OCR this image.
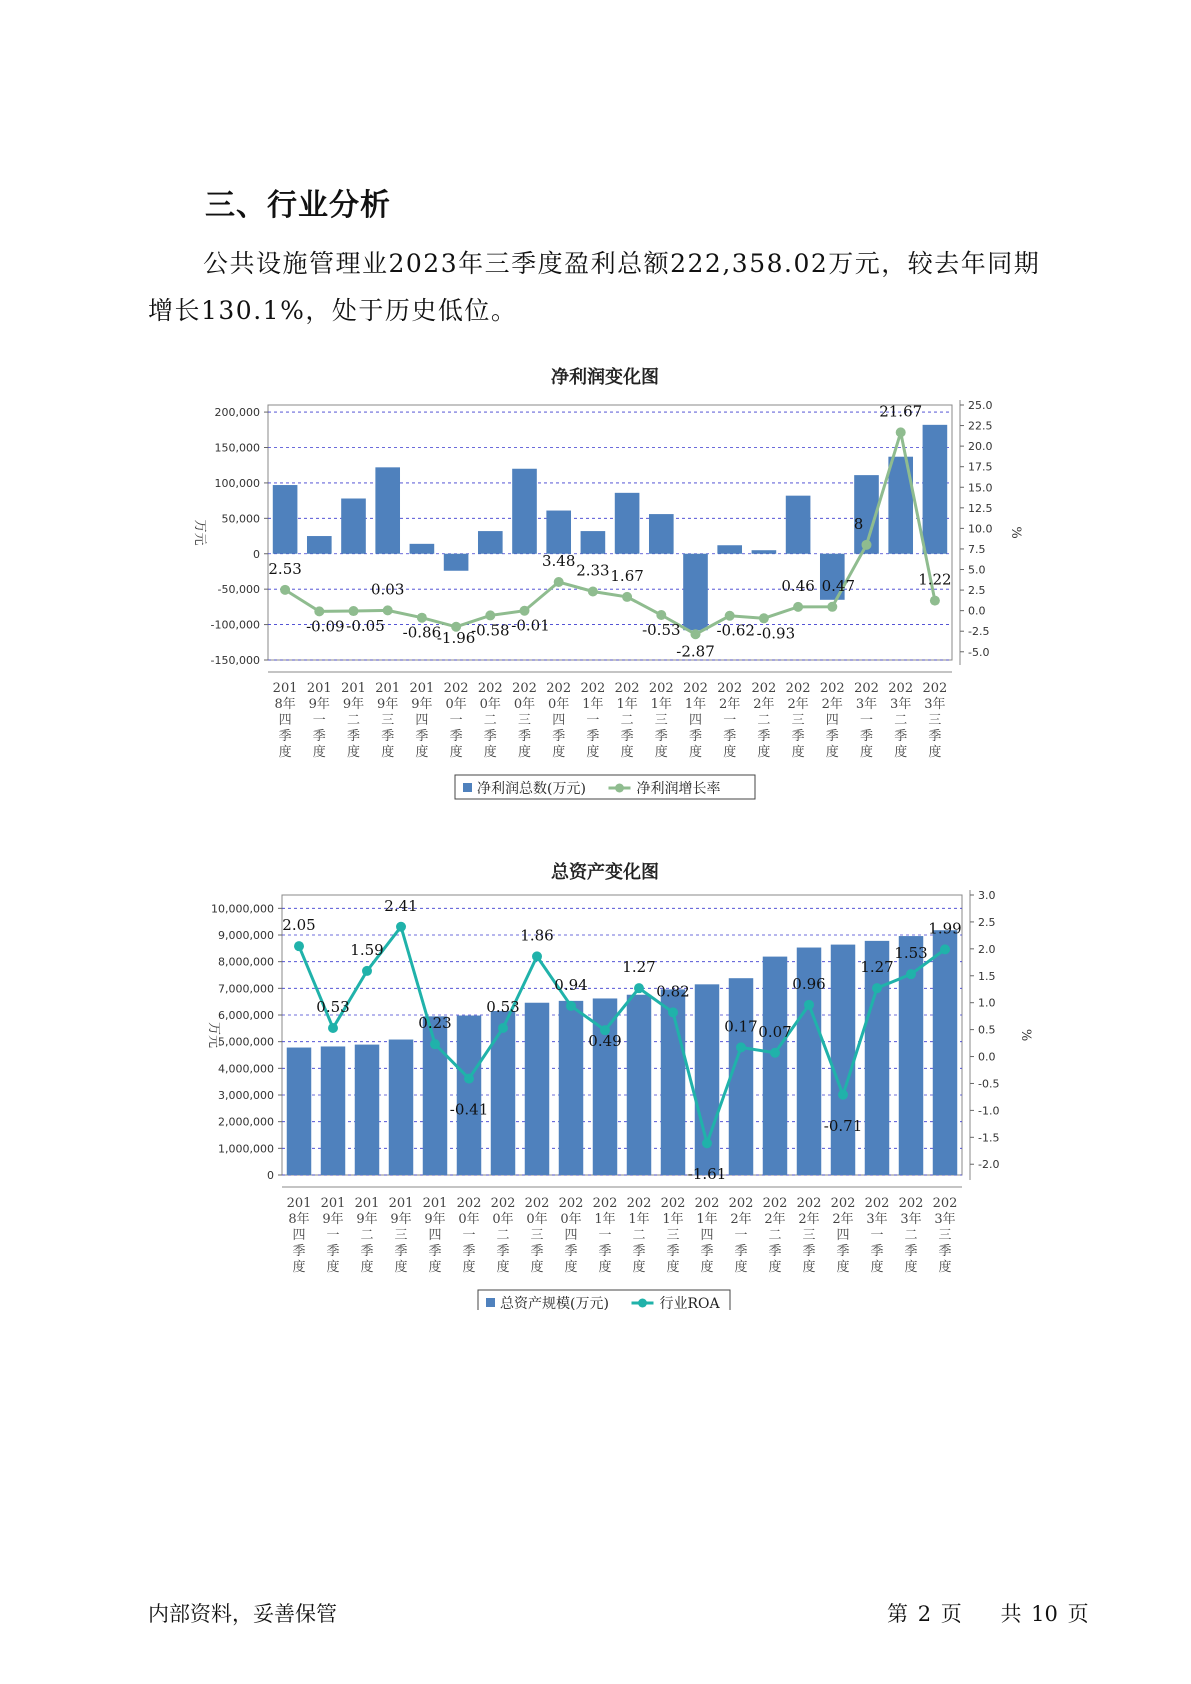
三、行业分析
公共设施管理业2023年三季度盈利总额222,358.02万元，较去年同期增长130.1%，处于历史低位。
净利润变化图
200,000
150,000
100,000
50,000
0
-50,000
-100,000
-150,000
25.0
22.5
20.0
17.5
15.0
12.5
10.0
7.5
5.0
2.5
0.0
-2.5
-5.0
万元	%
201
8年
四
季
度
201
9年
一
季
度
201
9年
二
季
度
201
9年
三
季
度
201
9年
四
季
度
202
0年
一
季
度
202
0年
二
季
度
202
0年
三
季
度
202
0年
四
季
度
202
1年
一
季
度
202
1年
二
季
度
202
1年
三
季
度
202
1年
四
季
度
202
2年
一
季
度
202
2年
二
季
度
202
2年
三
季
度
202
2年
四
季
度
202
3年
一
季
度
202
3年
二
季
度
202
3年
三
季
度
2.53
-0.09 -0.05
0.03
-0.86
-1.96
-0.58 -0.01
3.48
2.33 1.67
-0.53
-2.87
-0.62 -0.93
0.46 0.47
8
21.67
1.22
净利润总数(万元)	净利润增长率
总资产变化图
10,000,000
9,000,000
8,000,000
7,000,000
6,000,000
5,000,000
4,000,000
3,000,000
2,000,000
1,000,000
0
3.0
2.5
2.0
1.5
1.0
0.5
0.0
-0.5
-1.0
-1.5
-2.0
万元	%
201
8年
四
季
度
201
9年
一
季
度
201
9年
二
季
度
201
9年
三
季
度
201
9年
四
季
度
202
0年
一
季
度
202
0年
二
季
度
202
0年
三
季
度
202
0年
四
季
度
202
1年
一
季
度
202
1年
二
季
度
202
1年
三
季
度
202
1年
四
季
度
202
2年
一
季
度
202
2年
二
季
度
202
2年
三
季
度
202
2年
四
季
度
202
3年
一
季
度
202
3年
二
季
度
202
3年
三
季
度
2.05
0.53
1.59
2.41
0.23
-0.41
0.53
1.86
0.94
0.49
1.27
0.82
-1.61
0.17 0.07
0.96
-0.71
1.27
1.53
1.99
总资产规模(万元)	行业ROA
内部资料，妥善保管	第 2 页 共 10 页
